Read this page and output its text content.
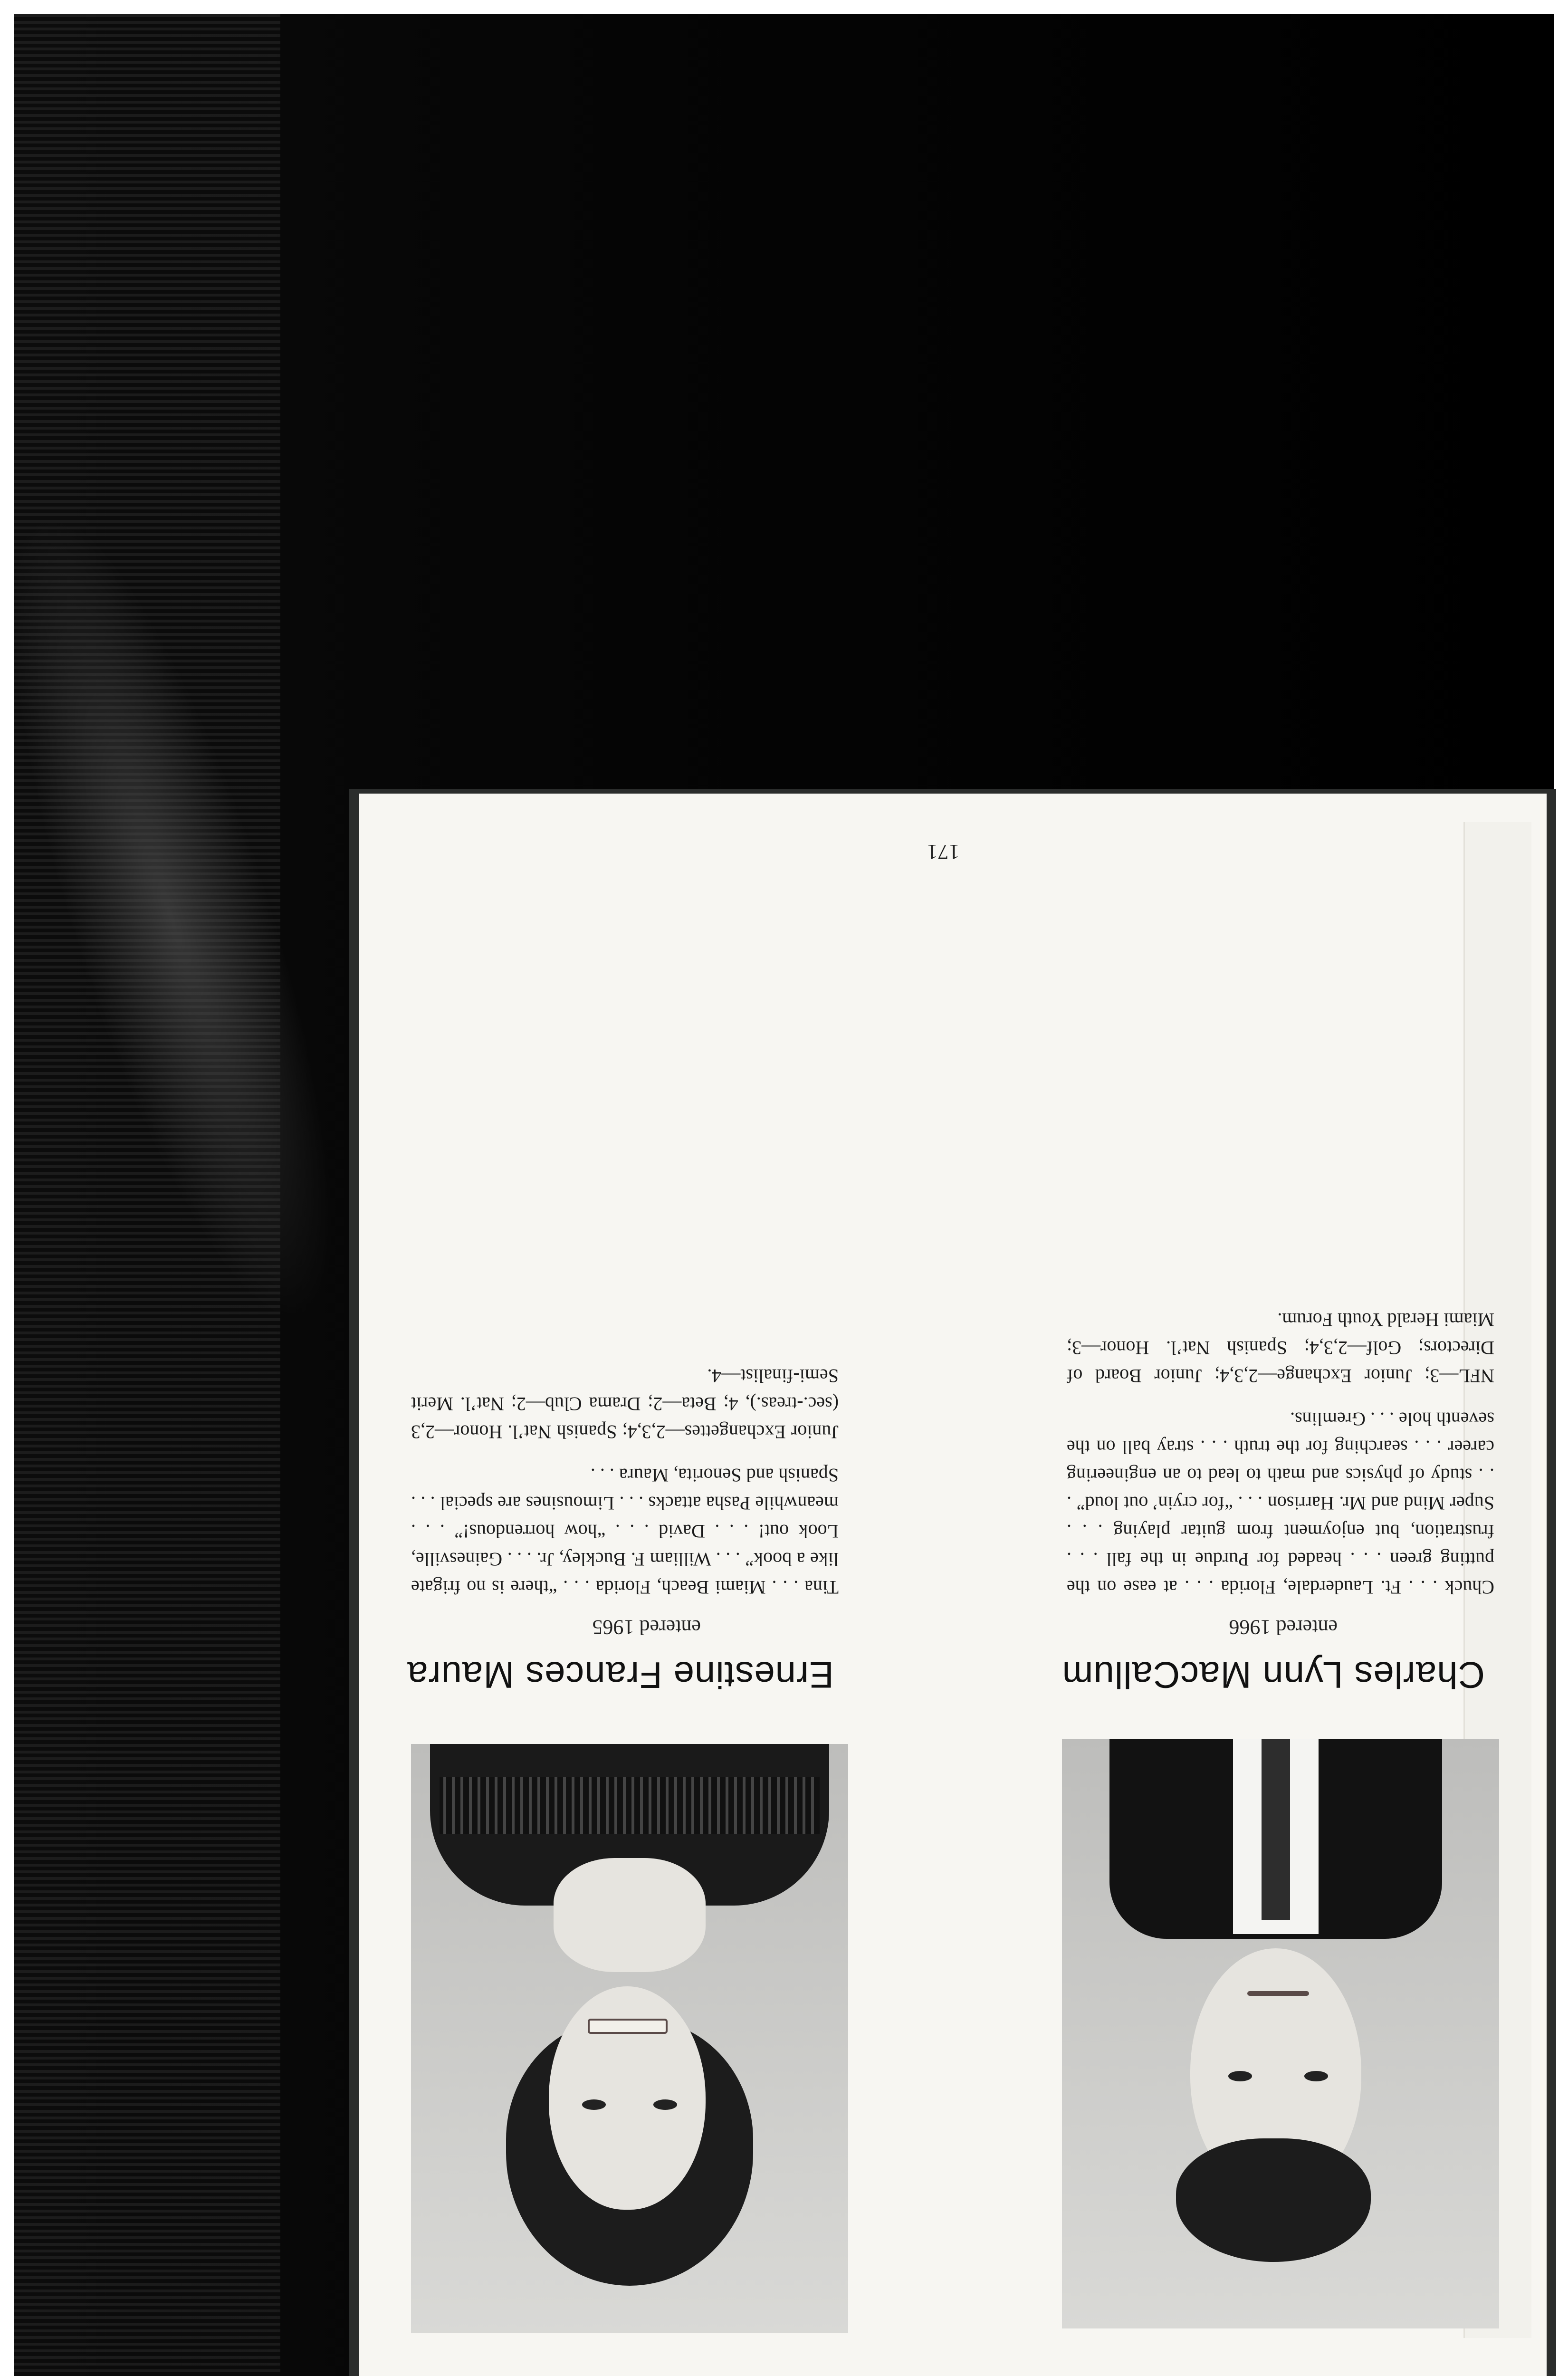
Charles Lynn MacCallum
entered 1966

Chuck . . . Ft. Lauderdale, Florida . . . at ease on the putting green . . . headed for Purdue in the fall . . . frustration, but enjoyment from guitar playing . . . Super Mind and Mr. Harrison . . . “for cryin’ out loud” . . . study of physics and math to lead to an engineering career . . . searching for the truth . . . stray ball on the seventh hole . . . Gremlins.

NFL—3; Junior Exchange—2,3,4; Junior Board of Directors; Golf—2,3,4; Spanish Nat’l. Honor—3; Miami Herald Youth Forum.

Ernestine Frances Maura
entered 1965

Tina . . . Miami Beach, Florida . . . “there is no frigate like a book” . . . William F. Buckley, Jr. . . . Gainesville, Look out! . . . David . . . “how horrendous!” . . . meanwhile Pasha attacks . . . Limousines are special . . . Spanish and Senorita, Maura . . .

Junior Exchangettes—2,3,4; Spanish Nat’l. Honor—2,3 (sec.-treas.), 4; Beta—2; Drama Club—2; Nat’l. Merit Semi-finalist—4.

171
